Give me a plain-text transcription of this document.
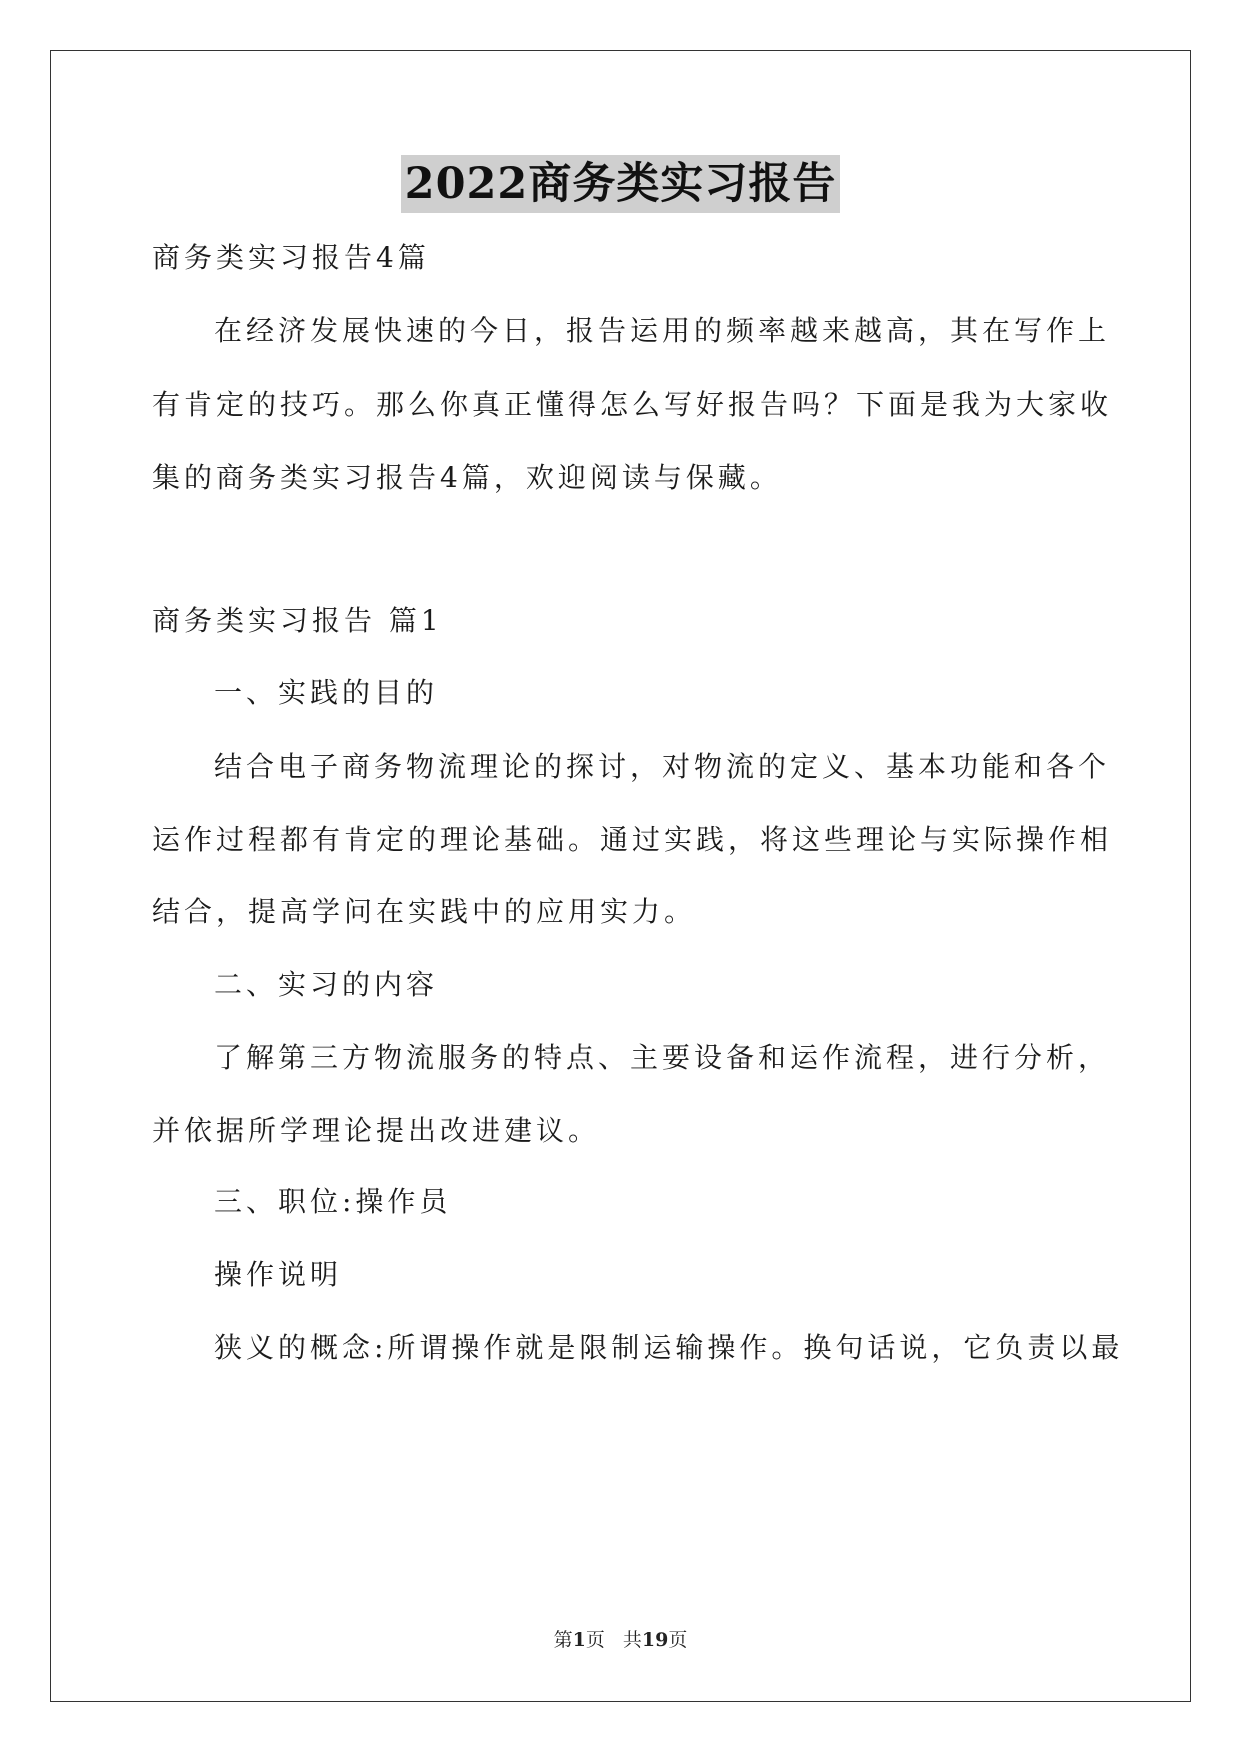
2022商务类实习报告
商务类实习报告4篇
在经济发展快速的今日，报告运用的频率越来越高，其在写作上
有肯定的技巧。那么你真正懂得怎么写好报告吗？下面是我为大家收
集的商务类实习报告4篇，欢迎阅读与保藏。
商务类实习报告 篇1
一、实践的目的
结合电子商务物流理论的探讨，对物流的定义、基本功能和各个
运作过程都有肯定的理论基础。通过实践，将这些理论与实际操作相
结合，提高学问在实践中的应用实力。
二、实习的内容
了解第三方物流服务的特点、主要设备和运作流程，进行分析，
并依据所学理论提出改进建议。
三、职位:操作员
操作说明
狭义的概念:所谓操作就是限制运输操作。换句话说，它负责以最
第1页 共19页
